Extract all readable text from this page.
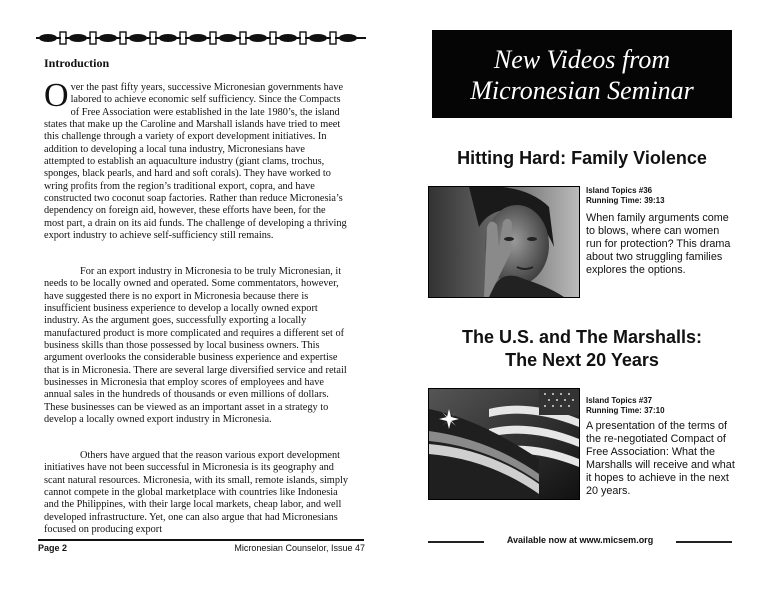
Introduction
Over the past fifty years, successive Micronesian governments have labored to achieve economic self sufficiency. Since the Compacts of Free Association were established in the late 1980’s, the island states that make up the Caroline and Marshall islands have tried to meet this challenge through a variety of export development initiatives. In addition to developing a local tuna industry, Micronesians have attempted to establish an aquaculture industry (giant clams, trochus, sponges, black pearls, and hard and soft corals). They have worked to wring profits from the region’s traditional export, copra, and have constructed two coconut soap factories. Rather than reduce Micronesia’s dependency on foreign aid, however, these efforts have been, for the most part, a drain on its aid funds. The challenge of developing a thriving export industry to achieve self-sufficiency still remains.
For an export industry in Micronesia to be truly Micronesian, it needs to be locally owned and operated. Some commentators, however, have suggested there is no export in Micronesia because there is insufficient business experience to develop a locally owned export industry. As the argument goes, successfully exporting a locally manufactured product is more complicated and requires a different set of business skills than those possessed by local business owners. This argument overlooks the considerable business experience and expertise that is in Micronesia. There are several large diversified service and retail businesses in Micronesia that employ scores of employees and have annual sales in the hundreds of thousands or even millions of dollars. These businesses can be viewed as an important asset in a strategy to develop a locally owned export industry in Micronesia.
Others have argued that the reason various export development initiatives have not been successful in Micronesia is its geography and scant natural resources. Micronesia, with its small, remote islands, simply cannot compete in the global marketplace with countries like Indonesia and the Philippines, with their large local markets, cheap labor, and well developed infrastructure. Yet, one can also argue that had Micronesians focused on producing export
Page 2	Micronesian Counselor, Issue 47
New Videos from
Micronesian Seminar
Hitting Hard: Family Violence
Island Topics #36
Running Time: 39:13
When family arguments come to blows, where can women run for protection? This drama about two struggling families explores the options.
The U.S. and The Marshalls:
The Next 20 Years
Island Topics #37
Running Time: 37:10
A presentation of the terms of the re-negotiated Compact of Free Association: What the Marshalls will receive and what it hopes to achieve in the next 20 years.
Available now at www.micsem.org
